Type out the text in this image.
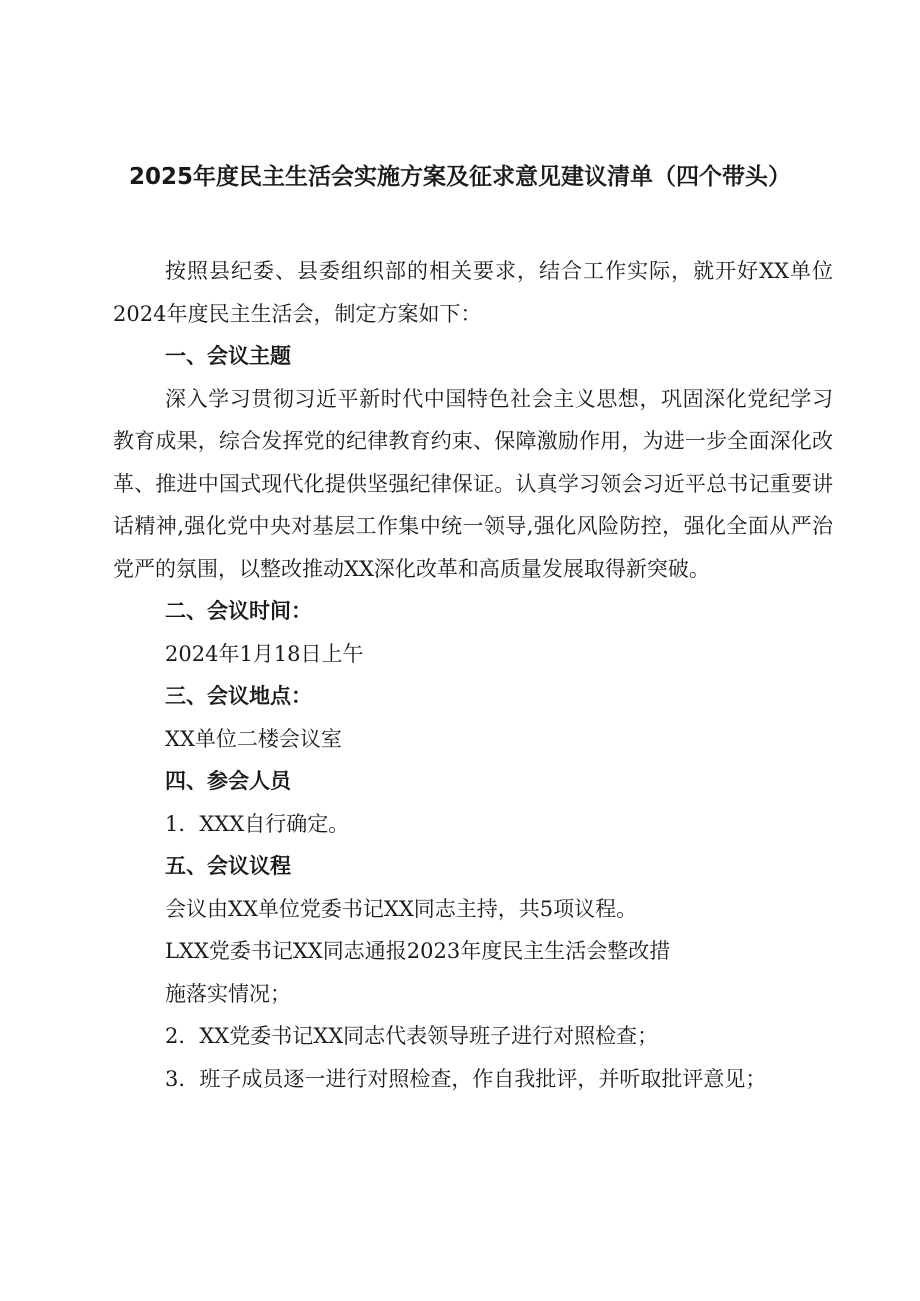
2025年度民主生活会实施方案及征求意见建议清单（四个带头）

按照县纪委、县委组织部的相关要求，结合工作实际，就开好XX单位2024年度民主生活会，制定方案如下：

一、会议主题

深入学习贯彻习近平新时代中国特色社会主义思想，巩固深化党纪学习教育成果，综合发挥党的纪律教育约束、保障激励作用，为进一步全面深化改革、推进中国式现代化提供坚强纪律保证。认真学习领会习近平总书记重要讲话精神,强化党中央对基层工作集中统一领导,强化风险防控，强化全面从严治党严的氛围，以整改推动XX深化改革和高质量发展取得新突破。

二、会议时间：

2024年1月18日上午

三、会议地点：

XX单位二楼会议室

四、参会人员

1．XXX自行确定。

五、会议议程

会议由XX单位党委书记XX同志主持，共5项议程。

LXX党委书记XX同志通报2023年度民主生活会整改措

施落实情况；

2．XX党委书记XX同志代表领导班子进行对照检查；

3．班子成员逐一进行对照检查，作自我批评，并听取批评意见；
